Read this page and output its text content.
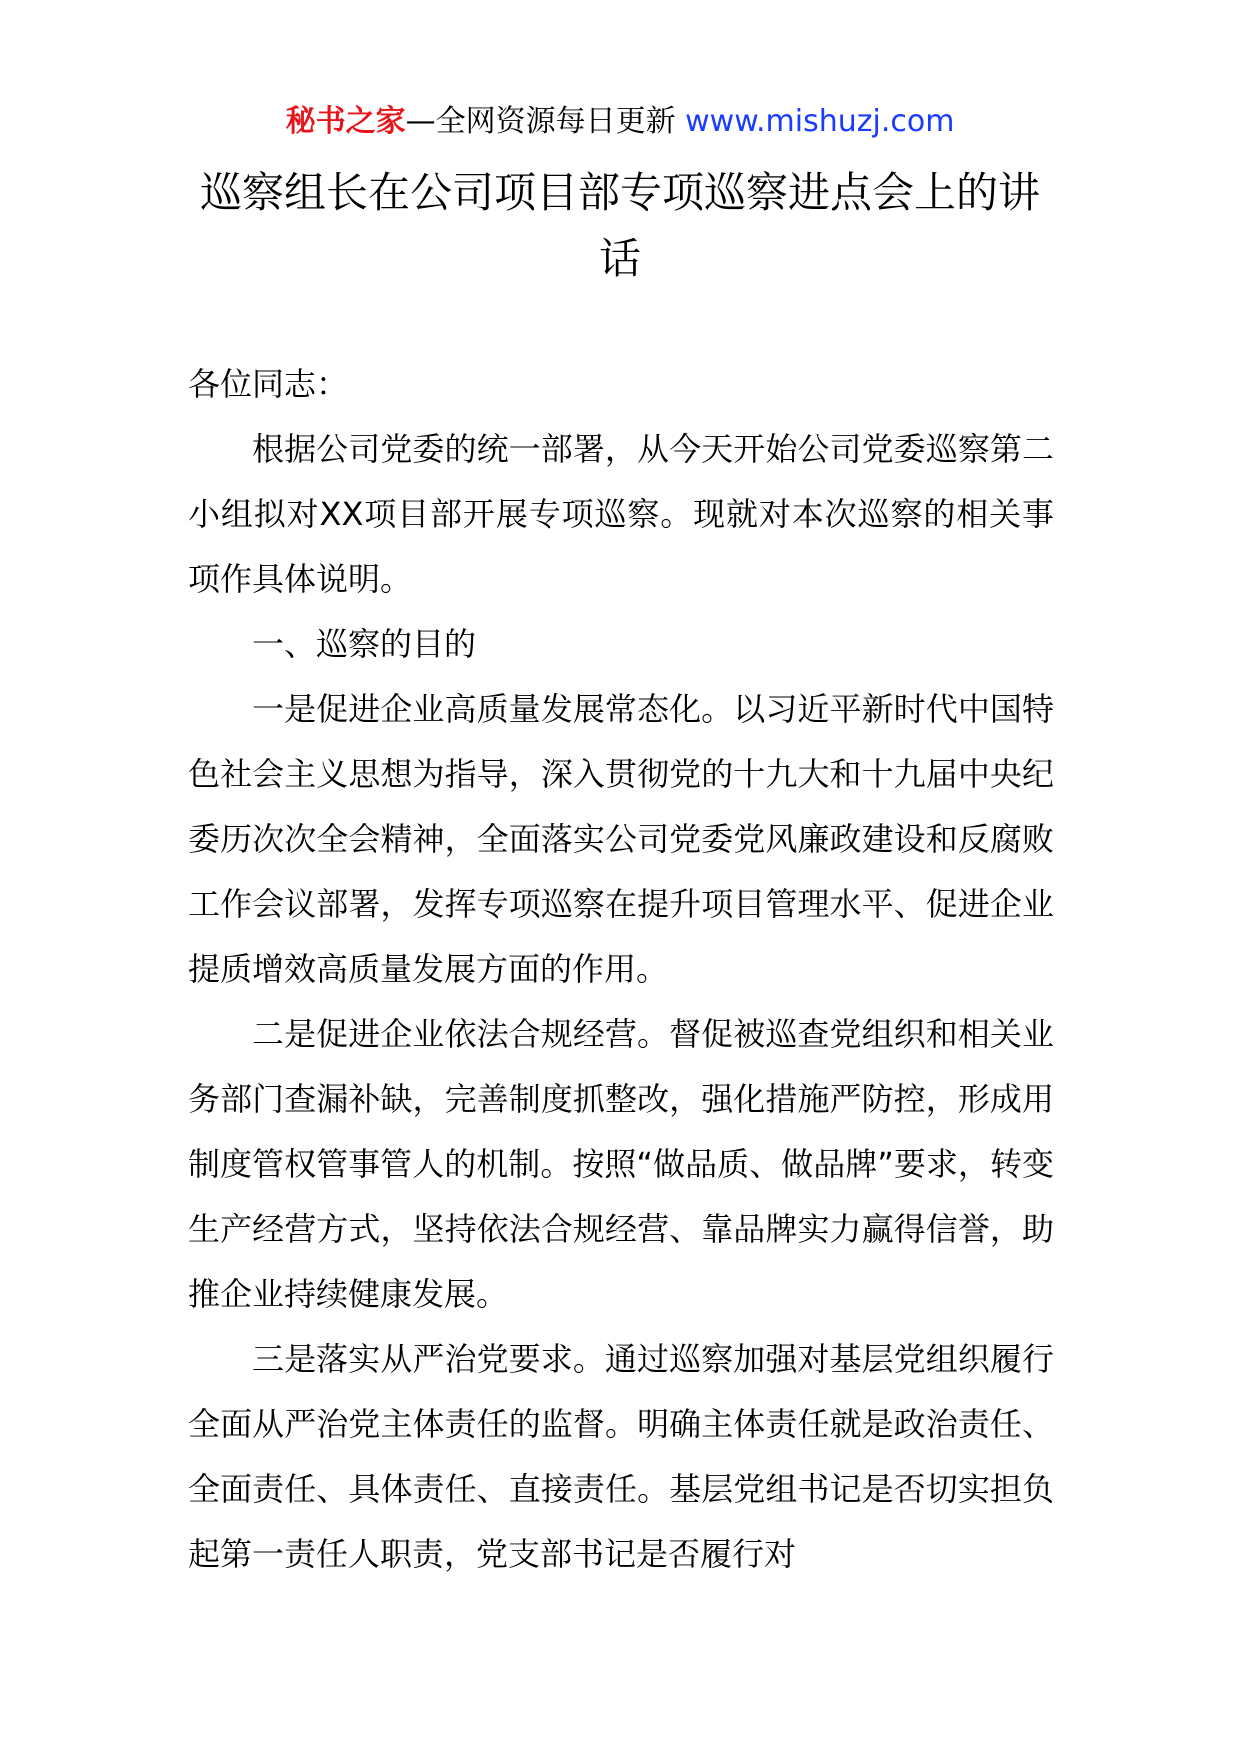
秘书之家—全网资源每日更新 www.mishuzj.com
巡察组长在公司项目部专项巡察进点会上的讲话

各位同志：

根据公司党委的统一部署，从今天开始公司党委巡察第二小组拟对XX项目部开展专项巡察。现就对本次巡察的相关事项作具体说明。

一、巡察的目的

一是促进企业高质量发展常态化。以习近平新时代中国特色社会主义思想为指导，深入贯彻党的十九大和十九届中央纪委历次次全会精神，全面落实公司党委党风廉政建设和反腐败工作会议部署，发挥专项巡察在提升项目管理水平、促进企业提质增效高质量发展方面的作用。

二是促进企业依法合规经营。督促被巡查党组织和相关业务部门查漏补缺，完善制度抓整改，强化措施严防控，形成用制度管权管事管人的机制。按照“做品质、做品牌”要求，转变生产经营方式，坚持依法合规经营、靠品牌实力赢得信誉，助推企业持续健康发展。

三是落实从严治党要求。通过巡察加强对基层党组织履行全面从严治党主体责任的监督。明确主体责任就是政治责任、全面责任、具体责任、直接责任。基层党组书记是否切实担负起第一责任人职责，党支部书记是否履行对
